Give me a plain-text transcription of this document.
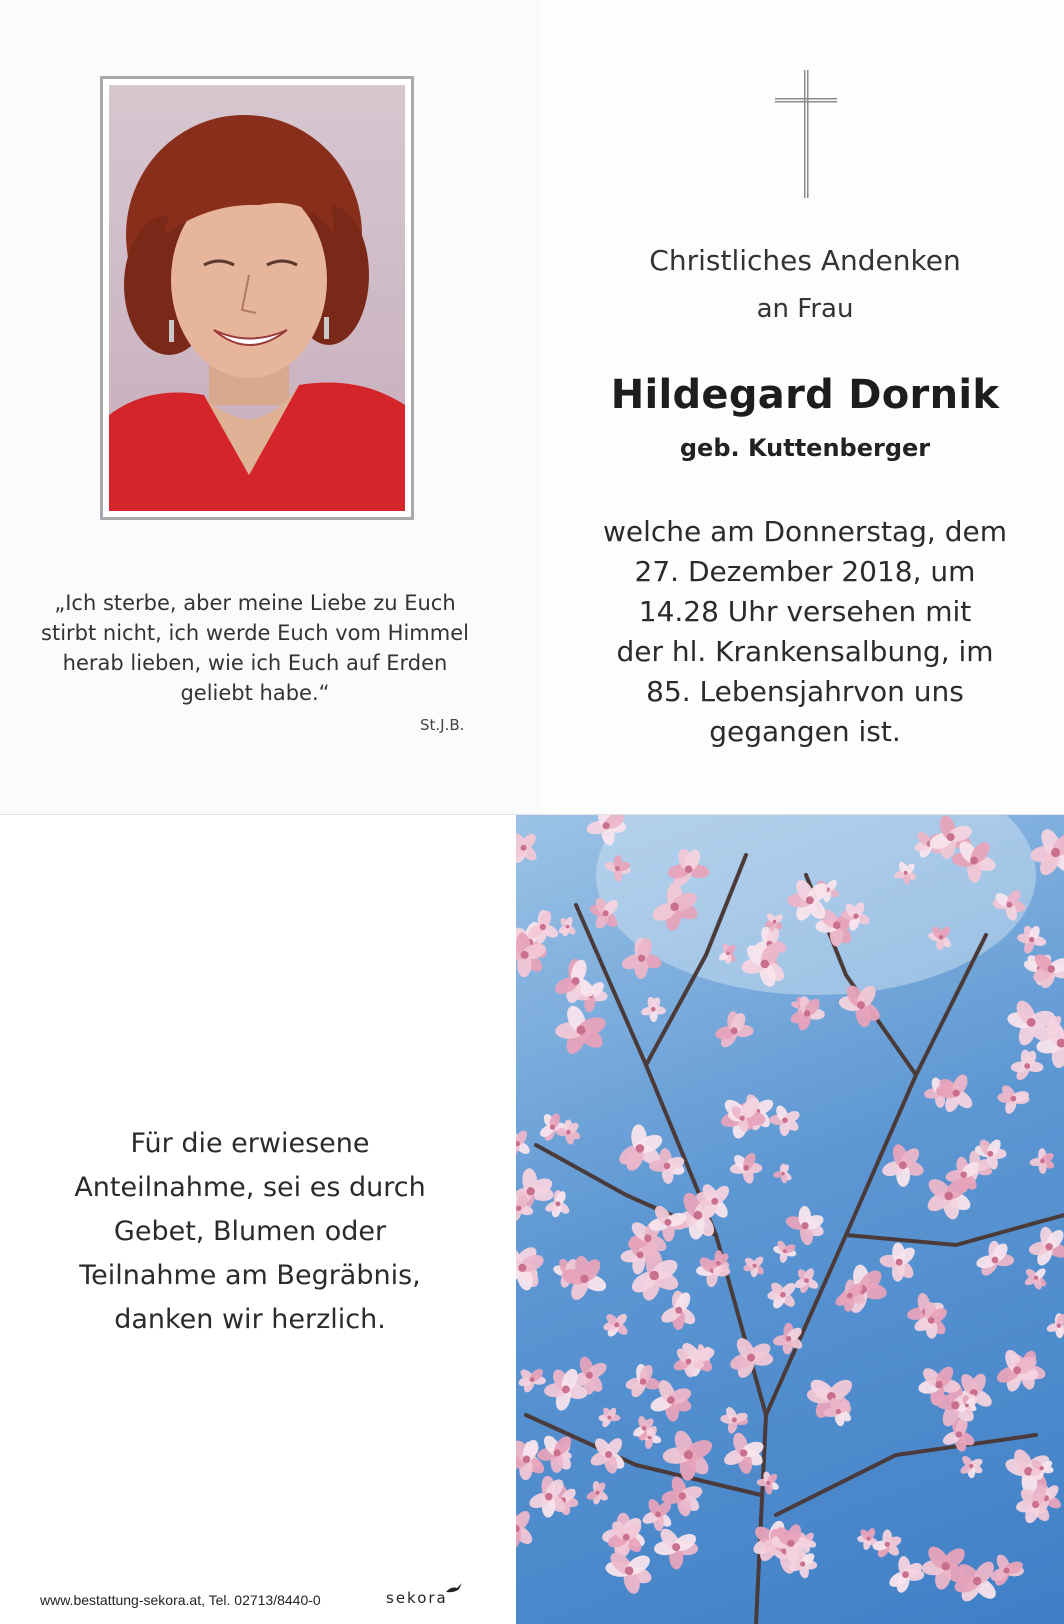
„Ich sterbe, aber meine Liebe zu Euch
stirbt nicht, ich werde Euch vom Himmel
herab lieben, wie ich Euch auf Erden
geliebt habe.“
St.J.B.
Christliches Andenken
an Frau
Hildegard Dornik
geb. Kuttenberger
welche am Donnerstag, dem
27. Dezember 2018, um
14.28 Uhr versehen mit
der hl. Krankensalbung, im
85. Lebensjahrvon uns
gegangen ist.
Für die erwiesene
Anteilnahme, sei es durch
Gebet, Blumen oder
Teilnahme am Begräbnis,
danken wir herzlich.
www.bestattung-sekora.at, Tel. 02713/8440-0	sekora
